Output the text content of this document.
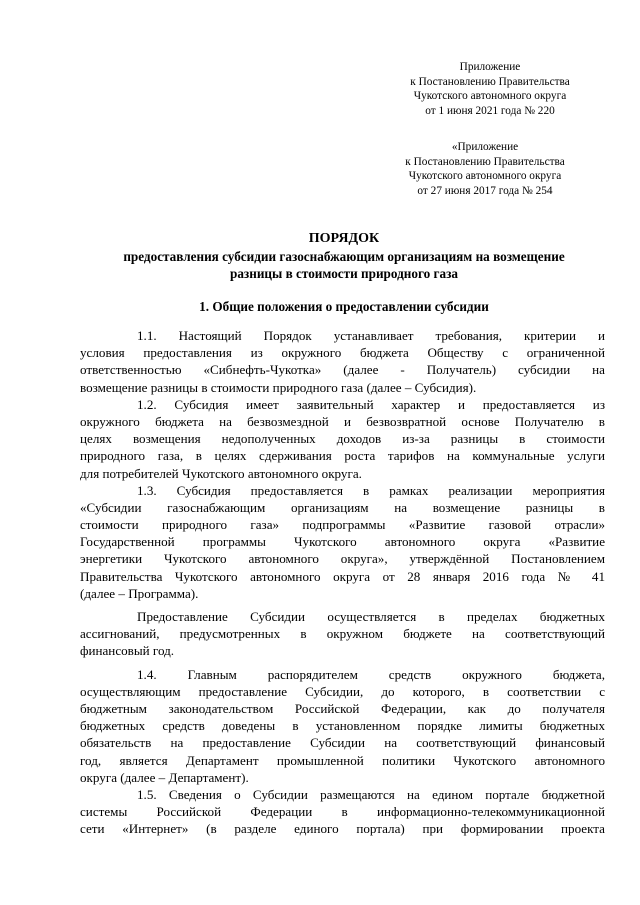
Приложение
к Постановлению Правительства
Чукотского автономного округа
от 1 июня 2021 года № 220
«Приложение
к Постановлению Правительства
Чукотского автономного округа
от 27 июня 2017 года № 254
ПОРЯДОК
предоставления субсидии газоснабжающим организациям на возмещение
разницы в стоимости природного газа
1. Общие положения о предоставлении субсидии
1.1. Настоящий Порядок устанавливает требования, критерии и
условия предоставления из окружного бюджета Обществу с ограниченной
ответственностью «Сибнефть-Чукотка» (далее - Получатель) субсидии на
возмещение разницы в стоимости природного газа (далее – Субсидия).
1.2. Субсидия имеет заявительный характер и предоставляется из
окружного бюджета на безвозмездной и безвозвратной основе Получателю в
целях возмещения недополученных доходов из-за разницы в стоимости
природного газа, в целях сдерживания роста тарифов на коммунальные услуги
для потребителей Чукотского автономного округа.
1.3. Субсидия предоставляется в рамках реализации мероприятия
«Субсидии газоснабжающим организациям на возмещение разницы в
стоимости природного газа» подпрограммы «Развитие газовой отрасли»
Государственной программы Чукотского автономного округа «Развитие
энергетики Чукотского автономного округа», утверждённой Постановлением
Правительства Чукотского автономного округа от 28 января 2016 года № 41
(далее – Программа).
Предоставление Субсидии осуществляется в пределах бюджетных
ассигнований, предусмотренных в окружном бюджете на соответствующий
финансовый год.
1.4. Главным распорядителем средств окружного бюджета,
осуществляющим предоставление Субсидии, до которого, в соответствии с
бюджетным законодательством Российской Федерации, как до получателя
бюджетных средств доведены в установленном порядке лимиты бюджетных
обязательств на предоставление Субсидии на соответствующий финансовый
год, является Департамент промышленной политики Чукотского автономного
округа (далее – Департамент).
1.5. Сведения о Субсидии размещаются на едином портале бюджетной
системы Российской Федерации в информационно-телекоммуникационной
сети «Интернет» (в разделе единого портала) при формировании проекта
